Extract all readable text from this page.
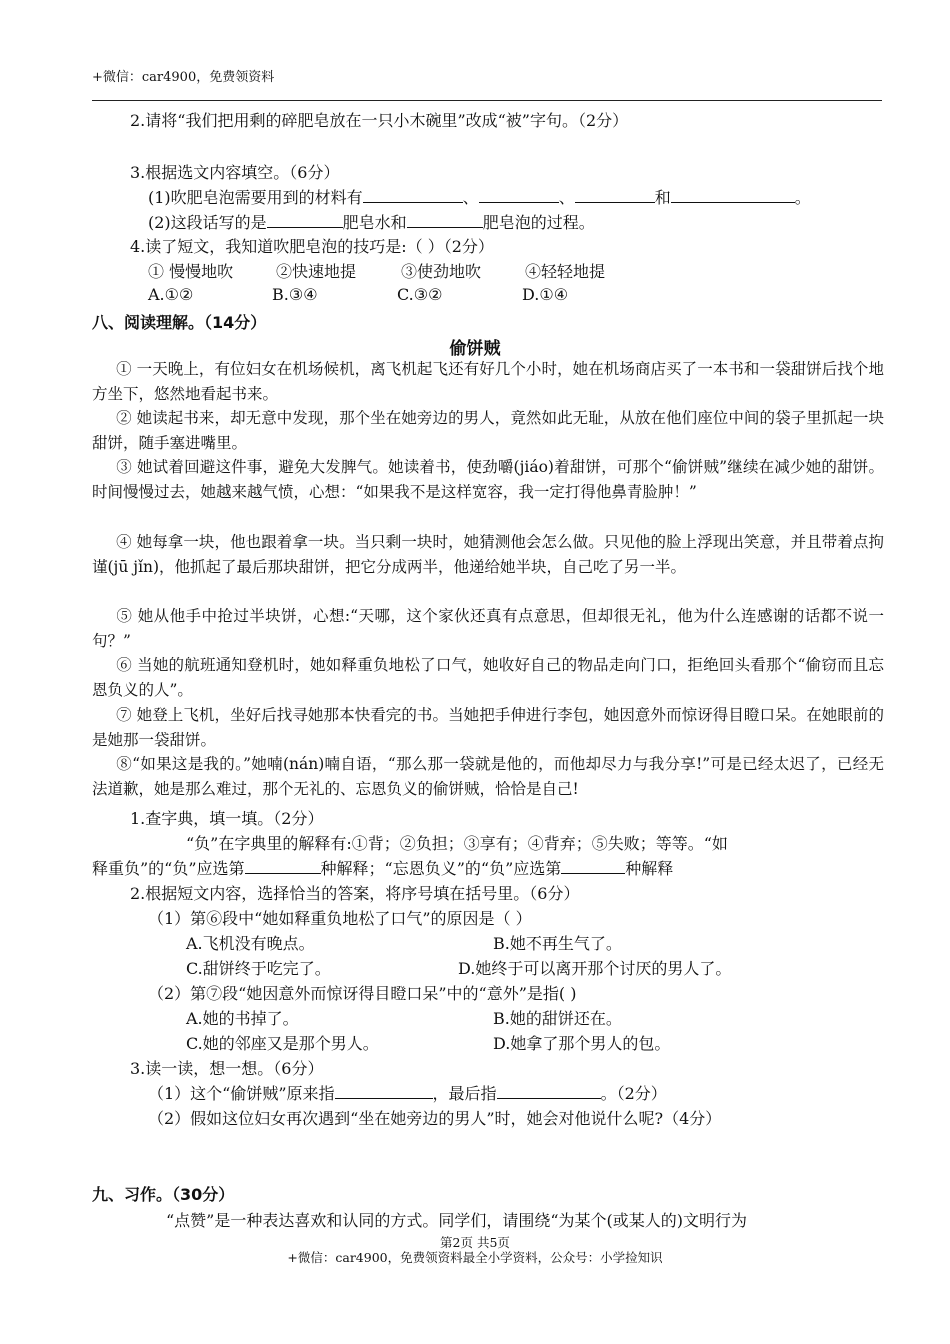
+微信：car4900，免费领资料
2.请将“我们把用剩的碎肥皂放在一只小木碗里”改成“被”字句。（2分）
3.根据选文内容填空。（6分）
(1)吹肥皂泡需要用到的材料有	、	、	和	。
(2)这段话写的是	肥皂水和	肥皂泡的过程。
4.读了短文，我知道吹肥皂泡的技巧是:（ ）（2分）
① 慢慢地吹	②快速地提	③使劲地吹	④轻轻地提
A.①②	B.③④	C.③②	D.①④
八、阅读理解。（14分）
偷饼贼
① 一天晚上，有位妇女在机场候机，离飞机起飞还有好几个小时，她在机场商店买了一本书和一袋甜饼后找个地方坐下，悠然地看起书来。
② 她读起书来，却无意中发现，那个坐在她旁边的男人，竟然如此无耻，从放在他们座位中间的袋子里抓起一块甜饼，随手塞进嘴里。
③ 她试着回避这件事，避免大发脾气。她读着书，使劲嚼(jiáo)着甜饼，可那个“偷饼贼”继续在减少她的甜饼。时间慢慢过去，她越来越气愤，心想：“如果我不是这样宽容，我一定打得他鼻青脸肿！”
④ 她每拿一块，他也跟着拿一块。当只剩一块时，她猜测他会怎么做。只见他的脸上浮现出笑意，并且带着点拘谨(jū jǐn)，他抓起了最后那块甜饼，把它分成两半，他递给她半块，自己吃了另一半。
⑤ 她从他手中抢过半块饼，心想:“天哪，这个家伙还真有点意思，但却很无礼，他为什么连感谢的话都不说一句？”
⑥ 当她的航班通知登机时，她如释重负地松了口气，她收好自己的物品走向门口，拒绝回头看那个“偷窃而且忘恩负义的人”。
⑦ 她登上飞机，坐好后找寻她那本快看完的书。当她把手伸进行李包，她因意外而惊讶得目瞪口呆。在她眼前的是她那一袋甜饼。
⑧“如果这是我的。”她喃(nán)喃自语，“那么那一袋就是他的，而他却尽力与我分享!”可是已经太迟了，已经无法道歉，她是那么难过，那个无礼的、忘恩负义的偷饼贼，恰恰是自己!
1.查字典，填一填。（2分）
“负”在字典里的解释有:①背；②负担；③享有；④背弃；⑤失败；等等。“如
释重负”的“负”应选第	种解释；“忘恩负义”的“负”应选第	种解释
2.根据短文内容，选择恰当的答案，将序号填在括号里。（6分）
（1）第⑥段中“她如释重负地松了口气”的原因是（ ）
A.飞机没有晚点。	B.她不再生气了。
C.甜饼终于吃完了。	D.她终于可以离开那个讨厌的男人了。
（2）第⑦段“她因意外而惊讶得目瞪口呆”中的“意外”是指( )
A.她的书掉了。	B.她的甜饼还在。
C.她的邻座又是那个男人。	D.她拿了那个男人的包。
3.读一读，想一想。（6分）
（1）这个“偷饼贼”原来指	，最后指	。（2分）
（2）假如这位妇女再次遇到“坐在她旁边的男人”时，她会对他说什么呢?（4分）
九、习作。（30分）
“点赞”是一种表达喜欢和认同的方式。同学们，请围绕“为某个(或某人的)文明行为
第2页 共5页
+微信：car4900，免费领资料最全小学资料，公众号：小学捡知识
